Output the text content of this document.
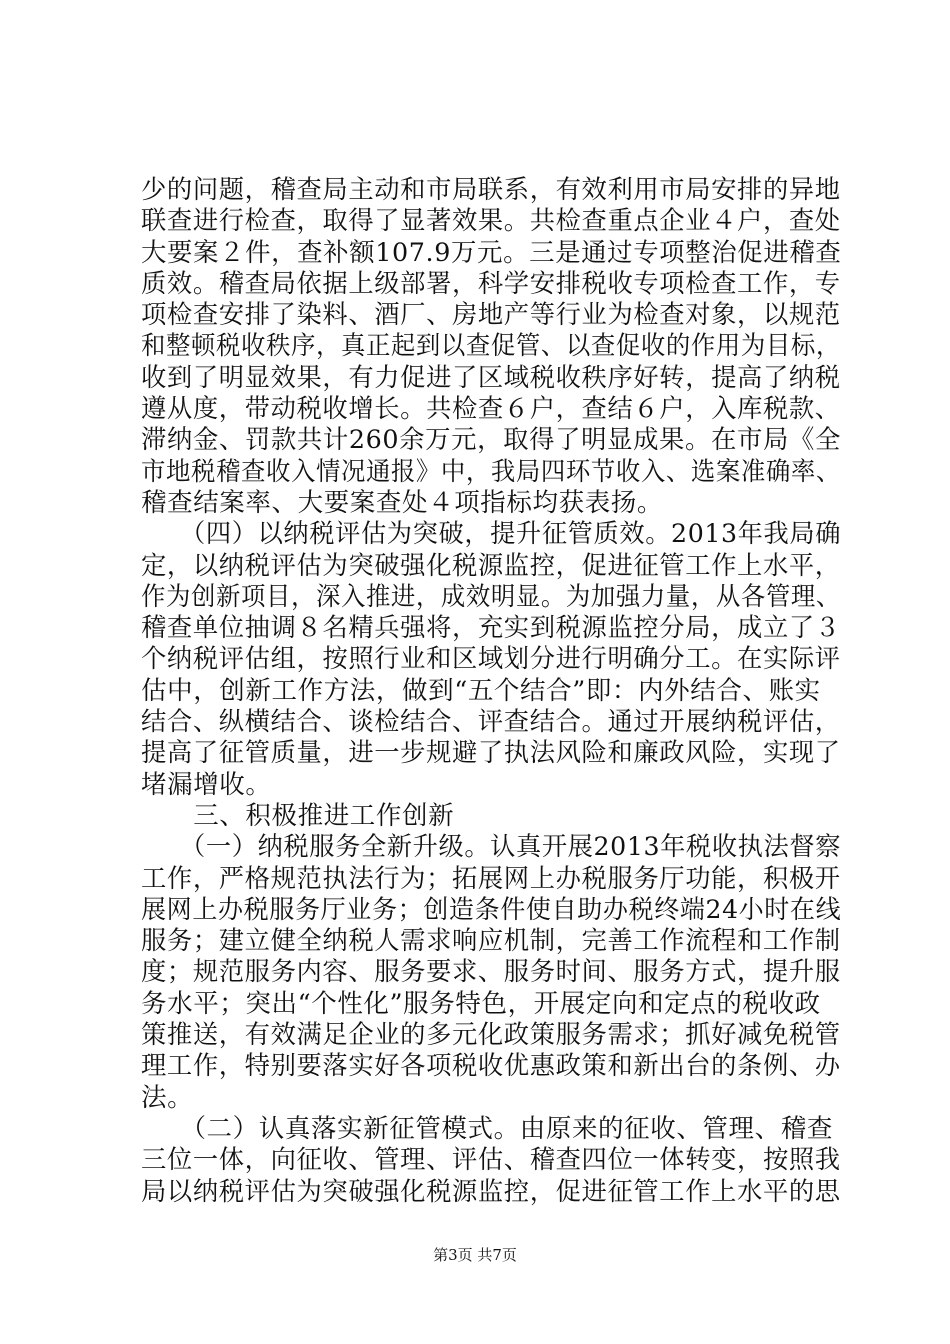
少的问题，稽查局主动和市局联系，有效利用市局安排的异地
联查进行检查，取得了显著效果。共检查重点企业４户，查处
大要案２件，查补额107.9万元。三是通过专项整治促进稽查
质效。稽查局依据上级部署，科学安排税收专项检查工作，专
项检查安排了染料、酒厂、房地产等行业为检查对象，以规范
和整顿税收秩序，真正起到以查促管、以查促收的作用为目标，
收到了明显效果，有力促进了区域税收秩序好转，提高了纳税
遵从度，带动税收增长。共检查６户，查结６户，入库税款、
滞纳金、罚款共计260余万元，取得了明显成果。在市局《全
市地税稽查收入情况通报》中，我局四环节收入、选案准确率、
稽查结案率、大要案查处４项指标均获表扬。
　　（四）以纳税评估为突破，提升征管质效。2013年我局确
定，以纳税评估为突破强化税源监控，促进征管工作上水平，
作为创新项目，深入推进，成效明显。为加强力量，从各管理、
稽查单位抽调８名精兵强将，充实到税源监控分局，成立了３
个纳税评估组，按照行业和区域划分进行明确分工。在实际评
估中，创新工作方法，做到“五个结合”即：内外结合、账实
结合、纵横结合、谈检结合、评查结合。通过开展纳税评估，
提高了征管质量，进一步规避了执法风险和廉政风险，实现了
堵漏增收。
　　三、积极推进工作创新
　　（一）纳税服务全新升级。认真开展2013年税收执法督察
工作，严格规范执法行为；拓展网上办税服务厅功能，积极开
展网上办税服务厅业务；创造条件使自助办税终端24小时在线
服务；建立健全纳税人需求响应机制，完善工作流程和工作制
度；规范服务内容、服务要求、服务时间、服务方式，提升服
务水平；突出“个性化”服务特色，开展定向和定点的税收政
策推送，有效满足企业的多元化政策服务需求；抓好减免税管
理工作，特别要落实好各项税收优惠政策和新出台的条例、办
法。
　　（二）认真落实新征管模式。由原来的征收、管理、稽查
三位一体，向征收、管理、评估、稽查四位一体转变，按照我
局以纳税评估为突破强化税源监控，促进征管工作上水平的思
第3页 共7页
